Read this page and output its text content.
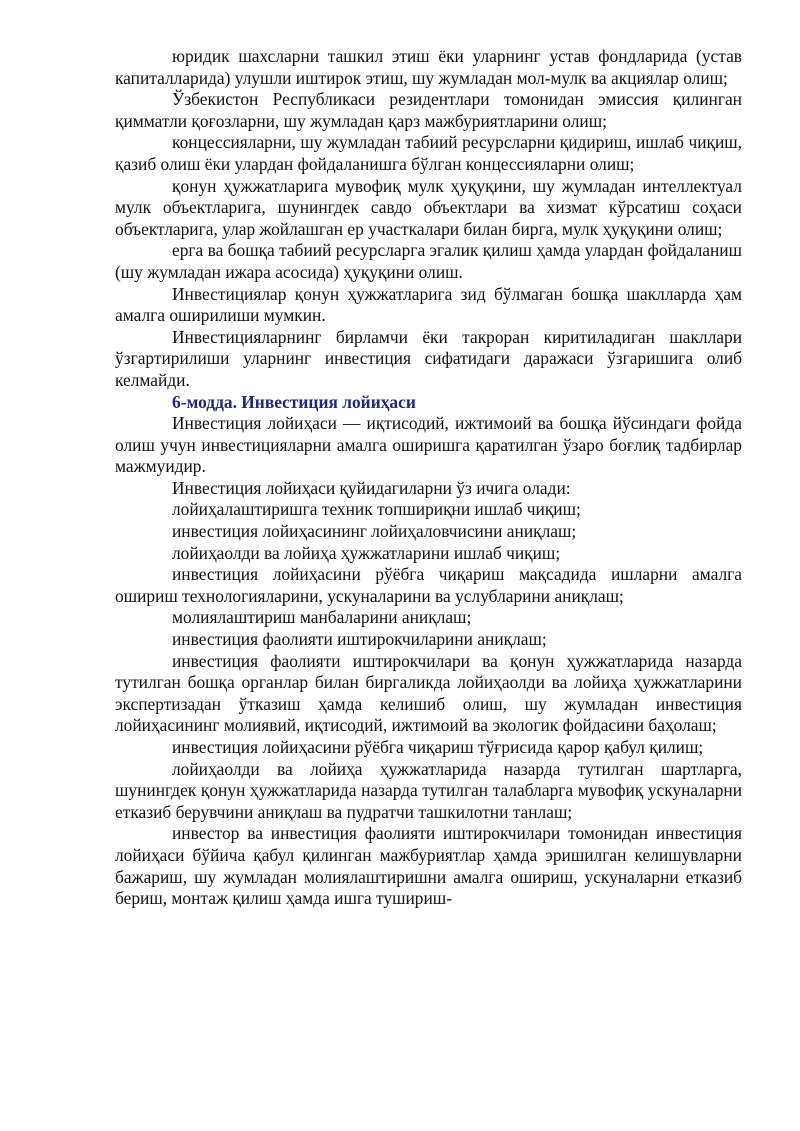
юридик шахсларни ташкил этиш ёки уларнинг устав фондларида (устав капиталларида) улушли иштирок этиш, шу жумладан мол-мулк ва акциялар олиш;

Ўзбекистон Республикаси резидентлари томонидан эмиссия қилинган қимматли қоғозларни, шу жумладан қарз мажбуриятларини олиш;

концессияларни, шу жумладан табиий ресурсларни қидириш, ишлаб чиқиш, қазиб олиш ёки улардан фойдаланишга бўлган концессияларни олиш;

қонун ҳужжатларига мувофиқ мулк ҳуқуқини, шу жумладан интеллектуал мулк объектларига, шунингдек савдо объектлари ва хизмат кўрсатиш соҳаси объектларига, улар жойлашган ер участкалари билан бирга, мулк ҳуқуқини олиш;

ерга ва бошқа табиий ресурсларга эгалик қилиш ҳамда улардан фойдаланиш (шу жумладан ижара асосида) ҳуқуқини олиш.

Инвестициялар қонун ҳужжатларига зид бўлмаган бошқа шаклларда ҳам амалга оширилиши мумкин.

Инвестицияларнинг бирламчи ёки такроран киритиладиган шакллари ўзгартирилиши уларнинг инвестиция сифатидаги даражаси ўзгаришига олиб келмайди.

6-модда. Инвестиция лойиҳаси

Инвестиция лойиҳаси — иқтисодий, ижтимоий ва бошқа йўсиндаги фойда олиш учун инвестицияларни амалга оширишга қаратилган ўзаро боғлиқ тадбирлар мажмуидир.

Инвестиция лойиҳаси қуйидагиларни ўз ичига олади:

лойиҳалаштиришга техник топшириқни ишлаб чиқиш;

инвестиция лойиҳасининг лойиҳаловчисини аниқлаш;

лойиҳаолди ва лойиҳа ҳужжатларини ишлаб чиқиш;

инвестиция лойиҳасини рўёбга чиқариш мақсадида ишларни амалга ошириш технологияларини, ускуналарини ва услубларини аниқлаш;

молиялаштириш манбаларини аниқлаш;

инвестиция фаолияти иштирокчиларини аниқлаш;

инвестиция фаолияти иштирокчилари ва қонун ҳужжатларида назарда тутилган бошқа органлар билан биргаликда лойиҳаолди ва лойиҳа ҳужжатларини экспертизадан ўтказиш ҳамда келишиб олиш, шу жумладан инвестиция лойиҳасининг молиявий, иқтисодий, ижтимоий ва экологик фойдасини баҳолаш;

инвестиция лойиҳасини рўёбга чиқариш тўғрисида қарор қабул қилиш;

лойиҳаолди ва лойиҳа ҳужжатларида назарда тутилган шартларга, шунингдек қонун ҳужжатларида назарда тутилган талабларга мувофиқ ускуналарни етказиб берувчини аниқлаш ва пудратчи ташкилотни танлаш;

инвестор ва инвестиция фаолияти иштирокчилари томонидан инвестиция лойиҳаси бўйича қабул қилинган мажбуриятлар ҳамда эришилган келишувларни бажариш, шу жумладан молиялаштиришни амалга ошириш, ускуналарни етказиб бериш, монтаж қилиш ҳамда ишга тушириш-
